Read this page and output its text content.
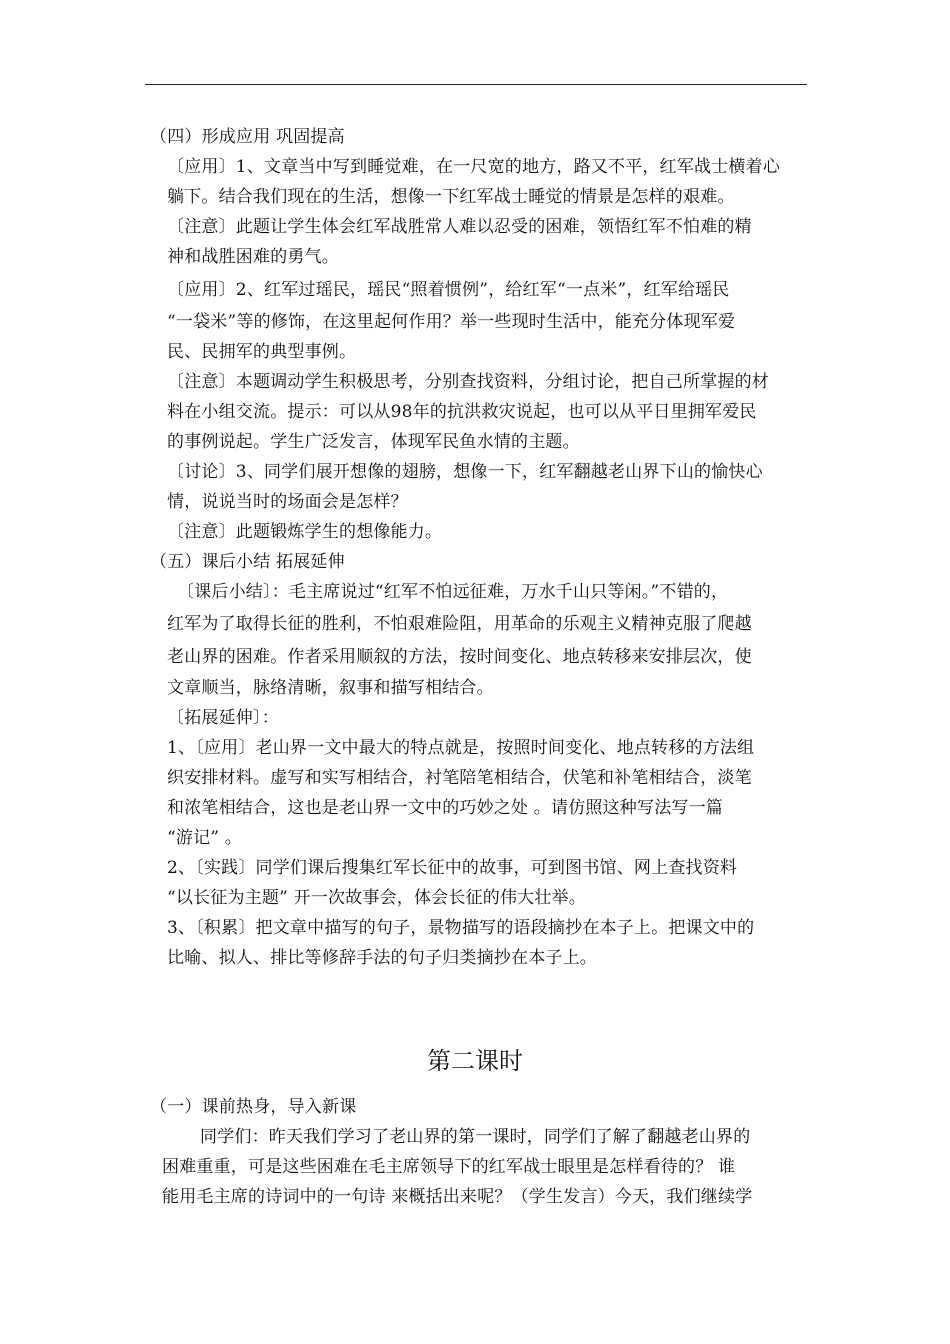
（四）形成应用 巩固提高
〔应用〕1、文章当中写到睡觉难，在一尺宽的地方，路又不平，红军战士横着心
躺下。结合我们现在的生活，想像一下红军战士睡觉的情景是怎样的艰难。
〔注意〕此题让学生体会红军战胜常人难以忍受的困难，领悟红军不怕难的精
神和战胜困难的勇气。
〔应用〕2、红军过瑶民，瑶民“照着惯例”，给红军“一点米”，红军给瑶民
“一袋米”等的修饰，在这里起何作用？举一些现时生活中，能充分体现军爱
民、民拥军的典型事例。
〔注意〕本题调动学生积极思考，分别查找资料，分组讨论，把自己所掌握的材
料在小组交流。提示：可以从98年的抗洪救灾说起，也可以从平日里拥军爱民
的事例说起。学生广泛发言，体现军民鱼水情的主题。
〔讨论〕3、同学们展开想像的翅膀，想像一下，红军翻越老山界下山的愉快心
情，说说当时的场面会是怎样？
〔注意〕此题锻炼学生的想像能力。
（五）课后小结 拓展延伸
〔课后小结〕：毛主席说过“红军不怕远征难，万水千山只等闲。”不错的，
红军为了取得长征的胜利，不怕艰难险阻，用革命的乐观主义精神克服了爬越
老山界的困难。作者采用顺叙的方法，按时间变化、地点转移来安排层次，使
文章顺当，脉络清晰，叙事和描写相结合。
〔拓展延伸〕：
1、〔应用〕老山界一文中最大的特点就是，按照时间变化、地点转移的方法组
织安排材料。虚写和实写相结合，衬笔陪笔相结合，伏笔和补笔相结合，淡笔
和浓笔相结合，这也是老山界一文中的巧妙之处 。请仿照这种写法写一篇
“游记” 。
2、〔实践〕同学们课后搜集红军长征中的故事，可到图书馆、网上查找资料
“以长征为主题” 开一次故事会，体会长征的伟大壮举。
3、〔积累〕把文章中描写的句子，景物描写的语段摘抄在本子上。把课文中的
比喻、拟人、排比等修辞手法的句子归类摘抄在本子上。
第二课时
（一）课前热身，导入新课
同学们：昨天我们学习了老山界的第一课时，同学们了解了翻越老山界的
困难重重，可是这些困难在毛主席领导下的红军战士眼里是怎样看待的？ 谁
能用毛主席的诗词中的一句诗 来概括出来呢？（学生发言）今天，我们继续学
